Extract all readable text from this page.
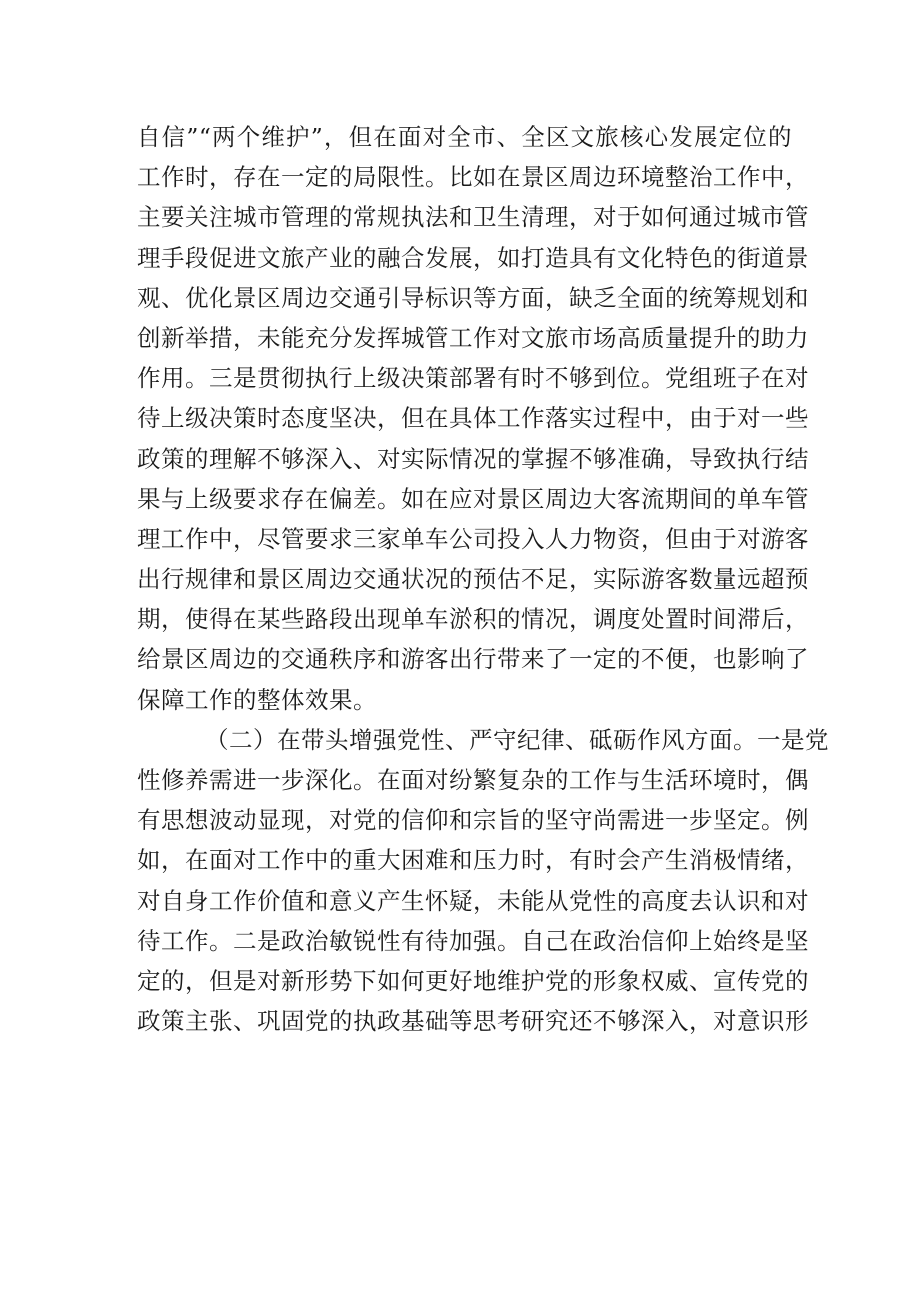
自信”“两个维护”，但在面对全市、全区文旅核心发展定位的
工作时，存在一定的局限性。比如在景区周边环境整治工作中，
主要关注城市管理的常规执法和卫生清理，对于如何通过城市管
理手段促进文旅产业的融合发展，如打造具有文化特色的街道景
观、优化景区周边交通引导标识等方面，缺乏全面的统筹规划和
创新举措，未能充分发挥城管工作对文旅市场高质量提升的助力
作用。三是贯彻执行上级决策部署有时不够到位。党组班子在对
待上级决策时态度坚决，但在具体工作落实过程中，由于对一些
政策的理解不够深入、对实际情况的掌握不够准确，导致执行结
果与上级要求存在偏差。如在应对景区周边大客流期间的单车管
理工作中，尽管要求三家单车公司投入人力物资，但由于对游客
出行规律和景区周边交通状况的预估不足，实际游客数量远超预
期，使得在某些路段出现单车淤积的情况，调度处置时间滞后，
给景区周边的交通秩序和游客出行带来了一定的不便，也影响了
保障工作的整体效果。
（二）在带头增强党性、严守纪律、砥砺作风方面。一是党
性修养需进一步深化。在面对纷繁复杂的工作与生活环境时，偶
有思想波动显现，对党的信仰和宗旨的坚守尚需进一步坚定。例
如，在面对工作中的重大困难和压力时，有时会产生消极情绪，
对自身工作价值和意义产生怀疑，未能从党性的高度去认识和对
待工作。二是政治敏锐性有待加强。自己在政治信仰上始终是坚
定的，但是对新形势下如何更好地维护党的形象权威、宣传党的
政策主张、巩固党的执政基础等思考研究还不够深入，对意识形
